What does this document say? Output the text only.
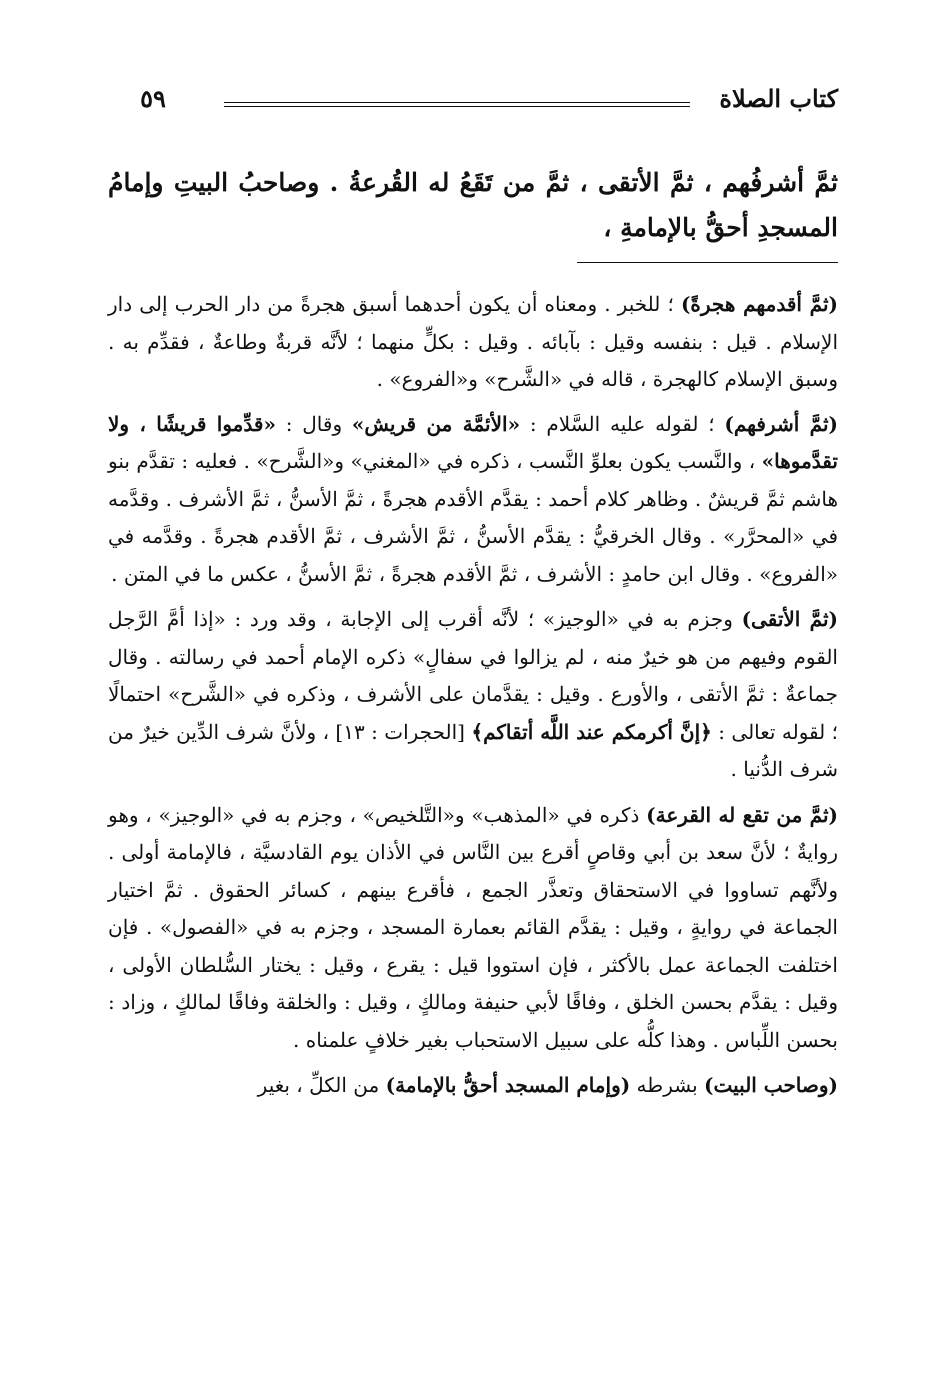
كتاب الصلاة
٥٩
ثمَّ أشرفُهم ، ثمَّ الأتقى ، ثمَّ من تَقَعُ له القُرعةُ . وصاحبُ البيتِ وإمامُ المسجدِ أحقُّ بالإمامةِ ،

(ثمَّ أقدمهم هجرةً) ؛ للخبر . ومعناه أن يكون أحدهما أسبق هجرةً من دار الحرب إلى دار الإسلام . قيل : بنفسه وقيل : بآبائه . وقيل : بكلٍّ منهما ؛ لأنَّه قربةٌ وطاعةٌ ، فقدِّم به . وسبق الإسلام كالهجرة ، قاله في «الشَّرح» و«الفروع» .

(ثمَّ أشرفهم) ؛ لقوله عليه السَّلام : «الأئمَّة من قريش» وقال : «قدِّموا قريشًا ، ولا تقدَّموها» ، والنَّسب يكون بعلوِّ النَّسب ، ذكره في «المغني» و«الشَّرح» . فعليه : تقدَّم بنو هاشم ثمَّ قريشٌ . وظاهر كلام أحمد : يقدَّم الأقدم هجرةً ، ثمَّ الأسنُّ ، ثمَّ الأشرف . وقدَّمه في «المحرَّر» . وقال الخرقيُّ : يقدَّم الأسنُّ ، ثمَّ الأشرف ، ثمَّ الأقدم هجرةً . وقدَّمه في «الفروع» . وقال ابن حامدٍ : الأشرف ، ثمَّ الأقدم هجرةً ، ثمَّ الأسنُّ ، عكس ما في المتن .

(ثمَّ الأتقى) وجزم به في «الوجيز» ؛ لأنَّه أقرب إلى الإجابة ، وقد ورد : «إذا أمَّ الرَّجل القوم وفيهم من هو خيرٌ منه ، لم يزالوا في سفالٍ» ذكره الإمام أحمد في رسالته . وقال جماعةٌ : ثمَّ الأتقى ، والأورع . وقيل : يقدَّمان على الأشرف ، وذكره في «الشَّرح» احتمالًا ؛ لقوله تعالى : ﴿إنَّ أكرمكم عند اللَّه أتقاكم﴾ [الحجرات : ١٣] ، ولأنَّ شرف الدِّين خيرٌ من شرف الدُّنيا .

(ثمَّ من تقع له القرعة) ذكره في «المذهب» و«التَّلخيص» ، وجزم به في «الوجيز» ، وهو روايةٌ ؛ لأنَّ سعد بن أبي وقاصٍ أقرع بين النَّاس في الأذان يوم القادسيَّة ، فالإمامة أولى . ولأنَّهم تساووا في الاستحقاق وتعذَّر الجمع ، فأقرع بينهم ، كسائر الحقوق . ثمَّ اختيار الجماعة في روايةٍ ، وقيل : يقدَّم القائم بعمارة المسجد ، وجزم به في «الفصول» . فإن اختلفت الجماعة عمل بالأكثر ، فإن استووا قيل : يقرع ، وقيل : يختار السُّلطان الأولى ، وقيل : يقدَّم بحسن الخلق ، وفاقًا لأبي حنيفة ومالكٍ ، وقيل : والخلقة وفاقًا لمالكٍ ، وزاد : بحسن اللِّباس . وهذا كلُّه على سبيل الاستحباب بغير خلافٍ علمناه .

(وصاحب البيت) بشرطه (وإمام المسجد أحقُّ بالإمامة) من الكلِّ ، بغير
